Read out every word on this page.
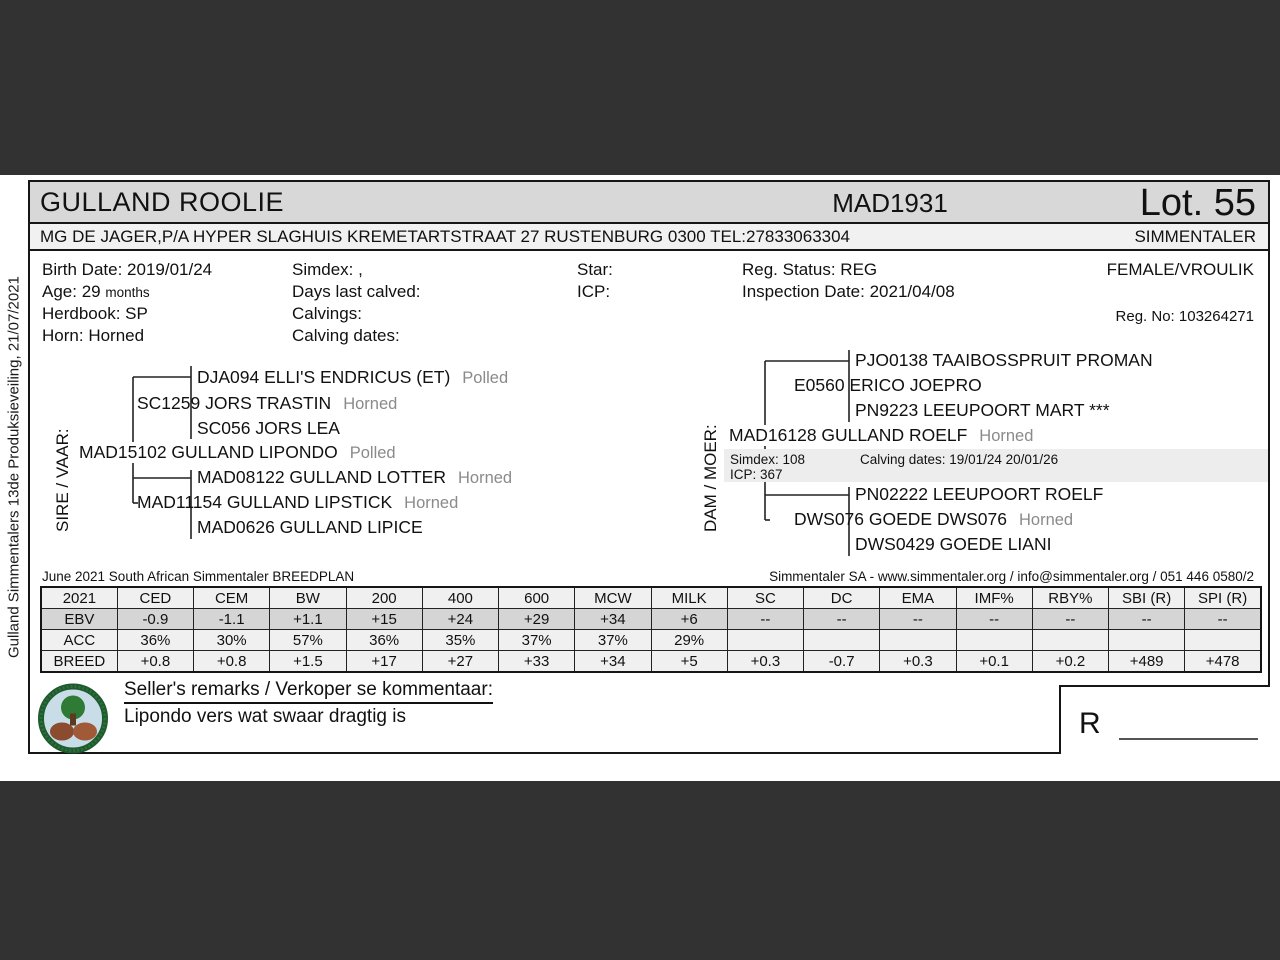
Gulland Simmentalers 13de Produksieveiling, 21/07/2021
GULLAND ROOLIE	MAD1931	Lot. 55
MG DE JAGER,P/A HYPER SLAGHUIS KREMETARTSTRAAT 27 RUSTENBURG 0300 TEL:27833063304	SIMMENTALER
Birth Date: 2019/01/24
Age: 29 months
Herdbook: SP
Horn: Horned
Simdex: ,
Days last calved:
Calvings:
Calving dates:
Star:
ICP:
Reg. Status: REG
Inspection Date: 2021/04/08
FEMALE/VROULIK
Reg. No: 103264271
SIRE / VAAR:
DJA094 ELLI'S ENDRICUS (ET) Polled
SC1259 JORS TRASTIN Horned
SC056 JORS LEA
MAD15102 GULLAND LIPONDO Polled
MAD08122 GULLAND LOTTER Horned
MAD11154 GULLAND LIPSTICK Horned
MAD0626 GULLAND LIPICE	DAM / MOER:
PJO0138 TAAIBOSSPRUIT PROMAN
E0560 ERICO JOEPRO
PN9223 LEEUPOORT MART ***
MAD16128 GULLAND ROELF Horned
Simdex: 108	Calving dates: 19/01/24 20/01/26
ICP: 367
PN02222 LEEUPOORT ROELF
DWS076 GOEDE DWS076 Horned
DWS0429 GOEDE LIANI
June 2021 South African Simmentaler BREEDPLAN	Simmentaler SA - www.simmentaler.org / info@simmentaler.org / 051 446 0580/2
2021	CED	CEM	BW	200	400	600	MCW	MILK	SC	DC	EMA	IMF%	RBY%	SBI (R)	SPI (R)
EBV	-0.9	-1.1	+1.1	+15	+24	+29	+34	+6	--	--	--	--	--	--	--
ACC	36%	30%	57%	36%	35%	37%	37%	29%							
BREED	+0.8	+0.8	+1.5	+17	+27	+33	+34	+5	+0.3	-0.7	+0.3	+0.1	+0.2	+489	+478
Seller's remarks / Verkoper se kommentaar:
Lipondo vers wat swaar dragtig is	R
